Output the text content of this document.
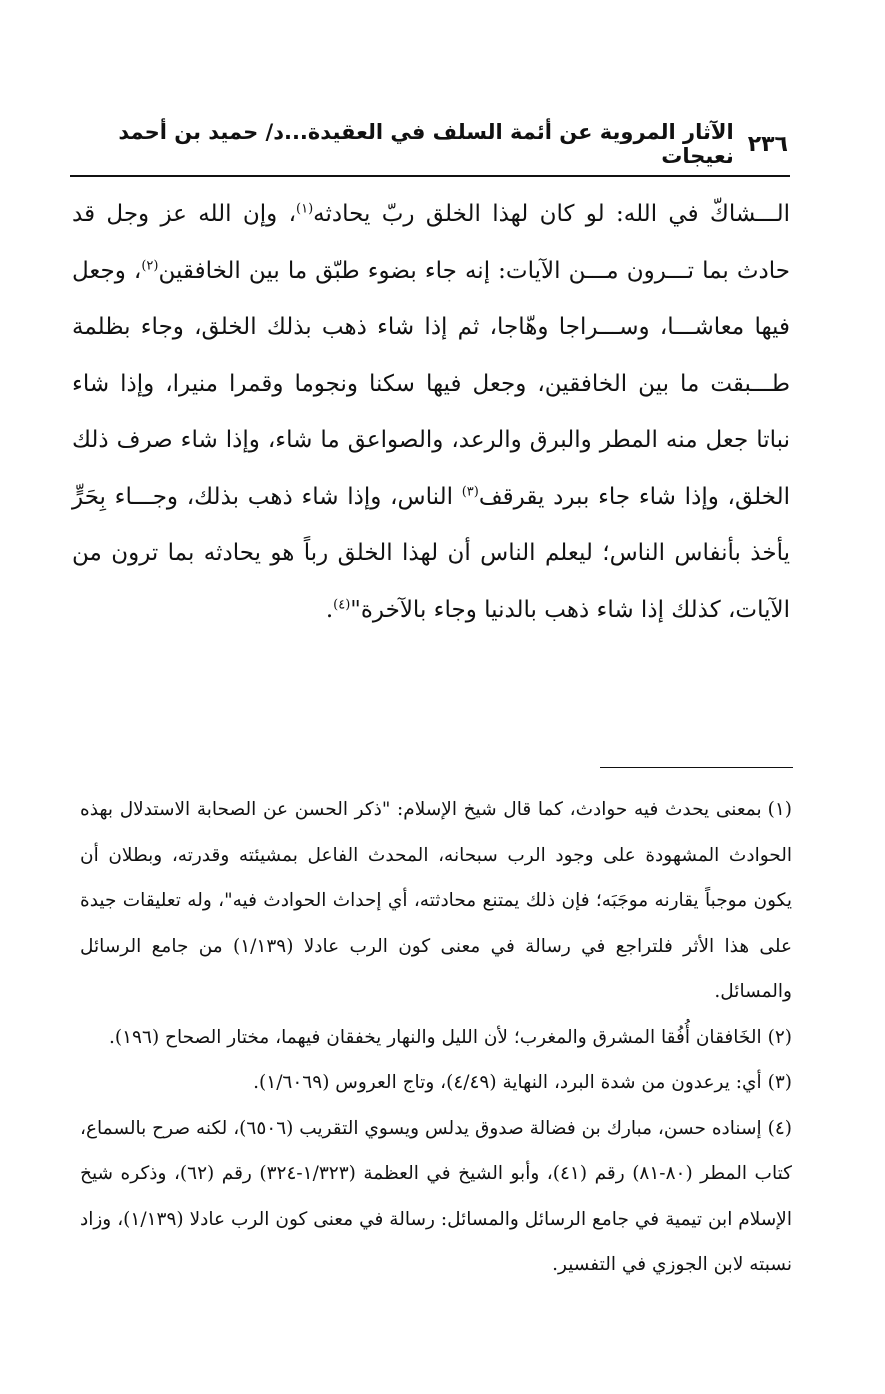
٢٣٦
الآثار المروية عن أئمة السلف في العقيدة...د/ حميد بن أحمد نعيجات

الـــشاكّ في الله: لو كان لهذا الخلق ربّ يحادثه$^{(١)}$، وإن الله عز وجل قد حادث بما تـــرون مـــن الآيات: إنه جاء بضوء طبّق ما بين الخافقين$^{(٢)}$، وجعل فيها معاشـــا، وســـراجا وهّاجا، ثم إذا شاء ذهب بذلك الخلق، وجاء بظلمة طـــبقت ما بين الخافقين، وجعل فيها سكنا ونجوما وقمرا منيرا، وإذا شاء نباتا جعل منه المطر والبرق والرعد، والصواعق ما شاء، وإذا شاء صرف ذلك الخلق، وإذا شاء جاء ببرد يقرقف$^{(٣)}$ الناس، وإذا شاء ذهب بذلك، وجـــاء بِحَرٍّ يأخذ بأنفاس الناس؛ ليعلم الناس أن لهذا الخلق رباً هو يحادثه بما ترون من الآيات، كذلك إذا شاء ذهب بالدنيا وجاء بالآخرة"$^{(٤)}$.

(١)بمعنى يحدث فيه حوادث، كما قال شيخ الإسلام: "ذكر الحسن عن الصحابة الاستدلال بهذه الحوادث المشهودة على وجود الرب سبحانه، المحدث الفاعل بمشيئته وقدرته، وبطلان أن يكون موجباً يقارنه موجَبَه؛ فإن ذلك يمتنع محادثته، أي إحداث الحوادث فيه"، وله تعليقات جيدة على هذا الأثر فلتراجع في رسالة في معنى كون الرب عادلا (١/١٣٩) من جامع الرسائل والمسائل.

(٢)الخَافقان أُفُقا المشرق والمغرب؛ لأن الليل والنهار يخفقان فيهما، مختار الصحاح (١٩٦).

(٣)أي: يرعدون من شدة البرد، النهاية (٤/٤٩)، وتاج العروس (١/٦٠٦٩).

(٤)إسناده حسن، مبارك بن فضالة صدوق يدلس ويسوي التقريب (٦٥٠٦)، لكنه صرح بالسماع، كتاب المطر (٨٠-٨١) رقم (٤١)، وأبو الشيخ في العظمة (١/٣٢٣-٣٢٤) رقم (٦٢)، وذكره شيخ الإسلام ابن تيمية في جامع الرسائل والمسائل: رسالة في معنى كون الرب عادلا (١/١٣٩)، وزاد نسبته لابن الجوزي في التفسير.
